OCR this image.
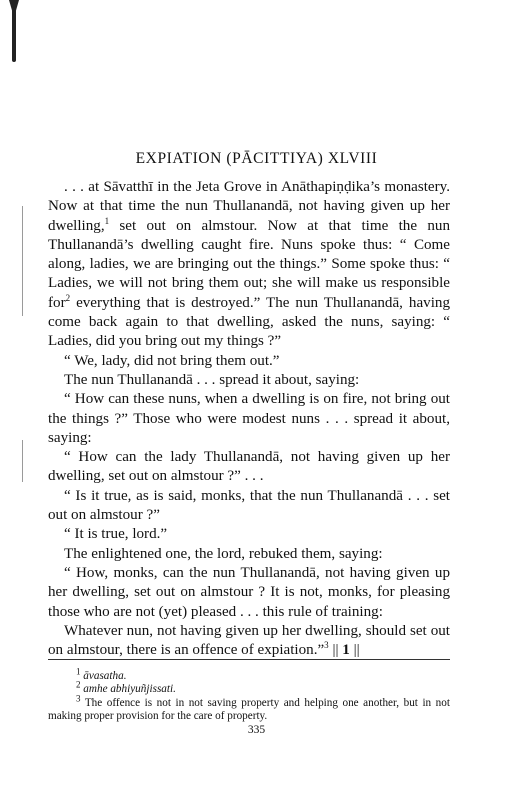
EXPIATION (PĀCITTIYA) XLVIII

. . . at Sāvatthī in the Jeta Grove in Anāthapiṇḍika’s monastery. Now at that time the nun Thullanandā, not having given up her dwelling,$^1$ set out on almstour. Now at that time the nun Thullanandā’s dwelling caught fire. Nuns spoke thus: “ Come along, ladies, we are bringing out the things.” Some spoke thus: “ Ladies, we will not bring them out; she will make us responsible for$^2$ everything that is destroyed.” The nun Thullanandā, having come back again to that dwelling, asked the nuns, saying: “ Ladies, did you bring out my things ?”

“ We, lady, did not bring them out.”

The nun Thullanandā . . . spread it about, saying:

“ How can these nuns, when a dwelling is on fire, not bring out the things ?” Those who were modest nuns . . . spread it about, saying:

“ How can the lady Thullanandā, not having given up her dwelling, set out on almstour ?” . . .

“ Is it true, as is said, monks, that the nun Thullanandā . . . set out on almstour ?”

“ It is true, lord.”

The enlightened one, the lord, rebuked them, saying:

“ How, monks, can the nun Thullanandā, not having given up her dwelling, set out on almstour ? It is not, monks, for pleasing those who are not (yet) pleased . . . this rule of training:

Whatever nun, not having given up her dwelling, should set out on almstour, there is an offence of expiation.”$^3$ || 1 ||

$^1$ āvasatha.

$^2$ amhe abhiyuñjissati.

$^3$ The offence is not in not saving property and helping one another, but in not making proper provision for the care of property.

335
